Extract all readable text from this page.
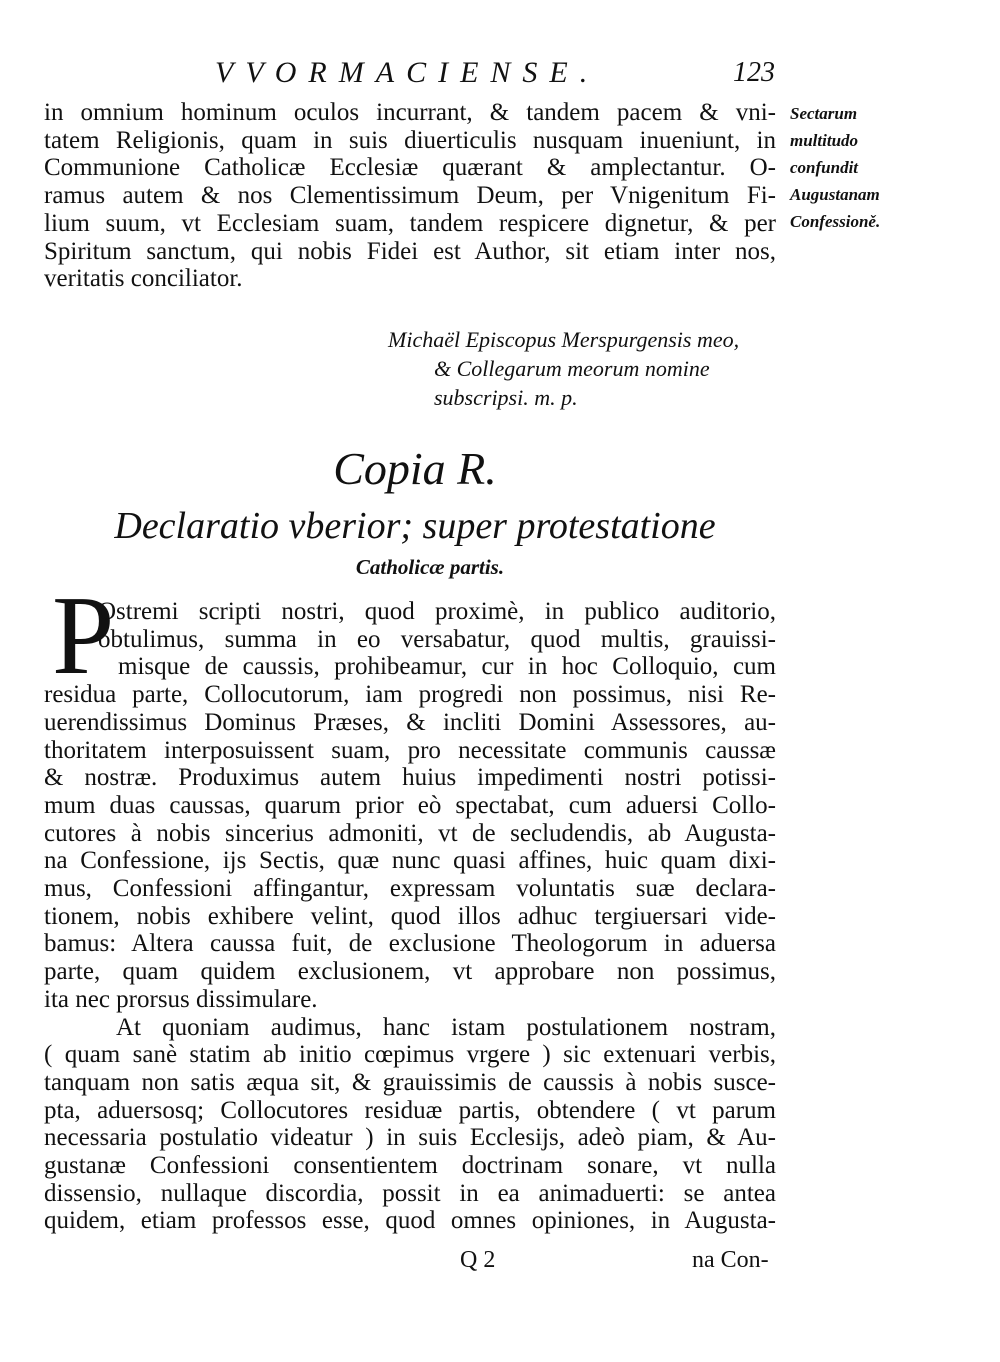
VVORMACIENSE.	123
in omnium hominum oculos incurrant, & tandem pacem & vni-
tatem Religionis, quam in suis diuerticulis nusquam inueniunt, in
Communione Catholicæ Ecclesiæ quærant & amplectantur. O-
ramus autem & nos Clementissimum Deum, per Vnigenitum Fi-
lium suum, vt Ecclesiam suam, tandem respicere dignetur, & per
Spiritum sanctum, qui nobis Fidei est Author, sit etiam inter nos,
veritatis conciliator.
Sectarum
multitudo
confundit
Augustanam
Confessioně.
Michaël Episcopus Merspurgensis meo,
& Collegarum meorum nomine
subscripsi. m. p.
Copia R.
Declaratio vberior; super protestatione
Catholicæ partis.
P
Ostremi scripti nostri, quod proximè, in publico auditorio,
obtulimus, summa in eo versabatur, quod multis, grauissi-
misque de caussis, prohibeamur, cur in hoc Colloquio, cum
residua parte, Collocutorum, iam progredi non possimus, nisi Re-
uerendissimus Dominus Præses, & incliti Domini Assessores, au-
thoritatem interposuissent suam, pro necessitate communis caussæ
& nostræ. Produximus autem huius impedimenti nostri potissi-
mum duas caussas, quarum prior eò spectabat, cum aduersi Collo-
cutores à nobis sincerius admoniti, vt de secludendis, ab Augusta-
na Confessione, ijs Sectis, quæ nunc quasi affines, huic quam dixi-
mus, Confessioni affingantur, expressam voluntatis suæ declara-
tionem, nobis exhibere velint, quod illos adhuc tergiuersari vide-
bamus: Altera caussa fuit, de exclusione Theologorum in aduersa
parte, quam quidem exclusionem, vt approbare non possimus,
ita nec prorsus dissimulare.
At quoniam audimus, hanc istam postulationem nostram,
( quam sanè statim ab initio cœpimus vrgere ) sic extenuari verbis,
tanquam non satis æqua sit, & grauissimis de caussis à nobis susce-
pta, aduersosq; Collocutores residuæ partis, obtendere ( vt parum
necessaria postulatio videatur ) in suis Ecclesijs, adeò piam, & Au-
gustanæ Confessioni consentientem doctrinam sonare, vt nulla
dissensio, nullaque discordia, possit in ea animaduerti: se antea
quidem, etiam professos esse, quod omnes opiniones, in Augusta-
Q 2	na Con-
